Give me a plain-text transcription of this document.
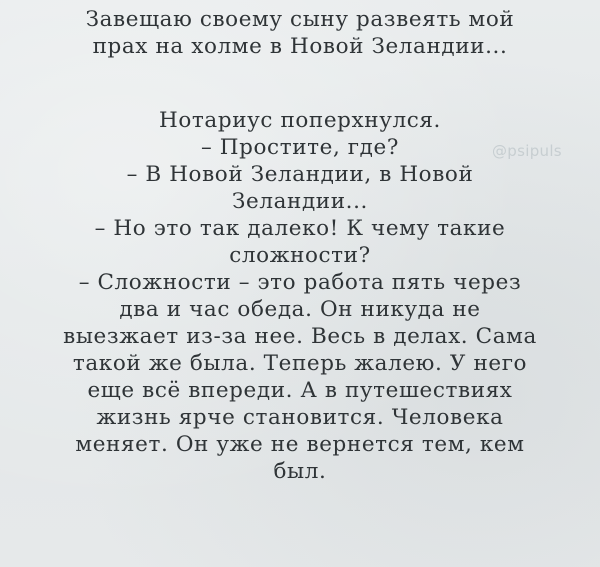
Завещаю своему сыну развеять мой
прах на холме в Новой Зеландии...
Нотариус поперхнулся.
– Простите, где?
– В Новой Зеландии, в Новой
Зеландии...
– Но это так далеко! К чему такие
сложности?
– Сложности – это работа пять через
два и час обеда. Он никуда не
выезжает из-за нее. Весь в делах. Сама
такой же была. Теперь жалею. У него
еще всё впереди. А в путешествиях
жизнь ярче становится. Человека
меняет. Он уже не вернется тем, кем
был.
@psipuls
